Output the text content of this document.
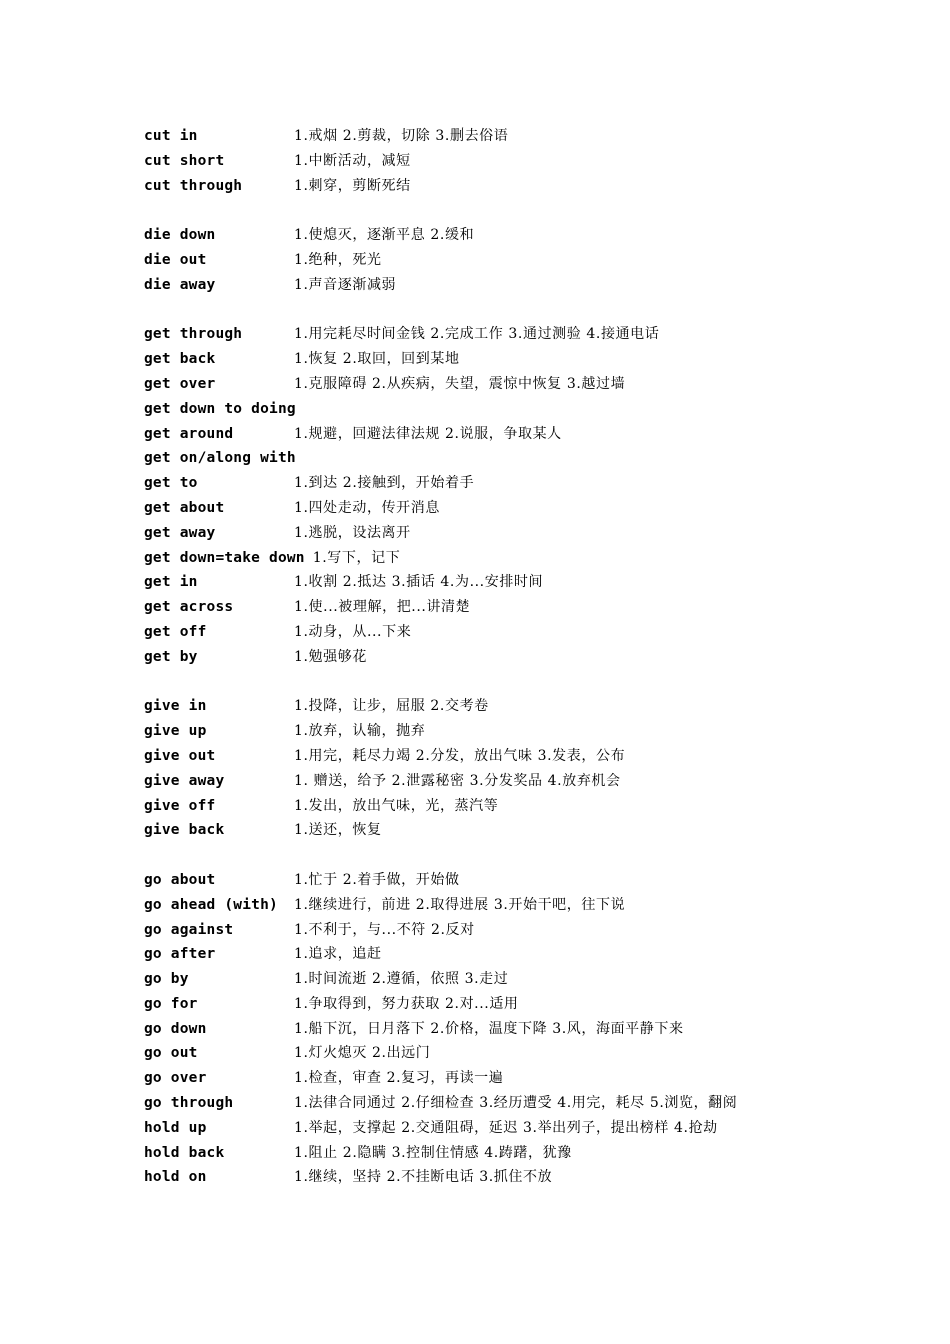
cut in	1.戒烟 2.剪裁，切除 3.删去俗语
cut short	1.中断活动，减短
cut through	1.刺穿，剪断死结
die down	1.使熄灭，逐渐平息 2.缓和
die out	1.绝种，死光
die away	1.声音逐渐减弱
get through	1.用完耗尽时间金钱 2.完成工作 3.通过测验 4.接通电话
get back	1.恢复 2.取回，回到某地
get over	1.克服障碍 2.从疾病，失望，震惊中恢复 3.越过墙
get down to doing
get around	1.规避，回避法律法规 2.说服，争取某人
get on/along with
get to	1.到达 2.接触到，开始着手
get about	1.四处走动，传开消息
get away	1.逃脱，设法离开
get down=take down 1.写下，记下
get in	1.收割 2.抵达 3.插话 4.为...安排时间
get across	1.使...被理解，把...讲清楚
get off	1.动身，从...下来
get by	1.勉强够花
give in	1.投降，让步，屈服 2.交考卷
give up	1.放弃，认输，抛弃
give out	1.用完，耗尽力竭 2.分发，放出气味 3.发表，公布
give away	1. 赠送，给予 2.泄露秘密 3.分发奖品 4.放弃机会
give off	1.发出，放出气味，光，蒸汽等
give back	1.送还，恢复
go about	1.忙于 2.着手做，开始做
go ahead (with)	1.继续进行，前进 2.取得进展 3.开始干吧，往下说
go against	1.不利于，与...不符 2.反对
go after	1.追求，追赶
go by	1.时间流逝 2.遵循，依照 3.走过
go for	1.争取得到，努力获取 2.对...适用
go down	1.船下沉，日月落下 2.价格，温度下降 3.风，海面平静下来
go out	1.灯火熄灭 2.出远门
go over	1.检查，审查 2.复习，再读一遍
go through	1.法律合同通过 2.仔细检查 3.经历遭受 4.用完，耗尽 5.浏览，翻阅
hold up	1.举起，支撑起 2.交通阻碍，延迟 3.举出列子，提出榜样 4.抢劫
hold back	1.阻止 2.隐瞒 3.控制住情感 4.踌躇，犹豫
hold on	1.继续，坚持 2.不挂断电话 3.抓住不放
